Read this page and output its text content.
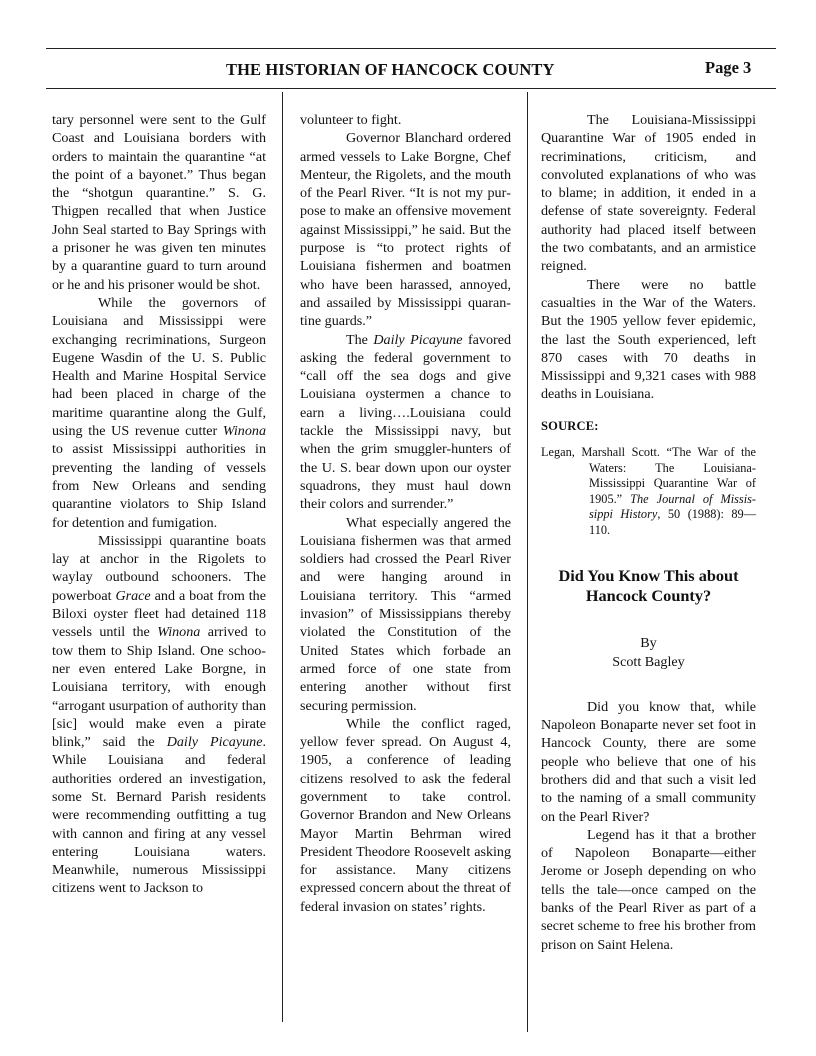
THE HISTORIAN OF HANCOCK COUNTY	Page 3

tary personnel were sent to the Gulf Coast and Louisiana borders with orders to maintain the quarantine “at the point of a bayonet.” Thus began the “shotgun quarantine.” S. G. Thigpen recalled that when Justice John Seal started to Bay Springs with a prisoner he was given ten minutes by a quarantine guard to turn around or he and his prisoner would be shot.

While the governors of Louisiana and Mississippi were exchanging recriminations, Surgeon Eugene Wasdin of the U. S. Public Health and Marine Hospital Service had been placed in charge of the maritime quarantine along the Gulf, using the US revenue cutter Winona to assist Mississippi authorities in preventing the landing of vessels from New Orleans and sending quarantine violators to Ship Island for detention and fumigation.

Mississippi quarantine boats lay at anchor in the Rigolets to waylay outbound schooners. The powerboat Grace and a boat from the Biloxi oyster fleet had detained 118 vessels until the Winona arrived to tow them to Ship Island. One schooner even entered Lake Borgne, in Louisiana territory, with enough “arrogant usurpation of authority than [sic] would make even a pirate blink,” said the Daily Picayune. While Louisiana and federal authorities ordered an investigation, some St. Bernard Parish residents were recommending outfitting a tug with cannon and firing at any vessel entering Louisiana waters. Meanwhile, numerous Mississippi citizens went to Jackson to

volunteer to fight.

Governor Blanchard ordered armed vessels to Lake Borgne, Chef Menteur, the Rigolets, and the mouth of the Pearl River. “It is not my purpose to make an offensive movement against Mississippi,” he said. But the purpose is “to protect rights of Louisiana fishermen and boatmen who have been harassed, annoyed, and assailed by Mississippi quarantine guards.”

The Daily Picayune favored asking the federal government to “call off the sea dogs and give Louisiana oystermen a chance to earn a living….Louisiana could tackle the Mississippi navy, but when the grim smuggler-hunters of the U. S. bear down upon our oyster squadrons, they must haul down their colors and surrender.”

What especially angered the Louisiana fishermen was that armed soldiers had crossed the Pearl River and were hanging around in Louisiana territory. This “armed invasion” of Mississippians thereby violated the Constitution of the United States which forbade an armed force of one state from entering another without first securing permission.

While the conflict raged, yellow fever spread. On August 4, 1905, a conference of leading citizens resolved to ask the federal government to take control. Governor Brandon and New Orleans Mayor Martin Behrman wired President Theodore Roosevelt asking for assistance. Many citizens expressed concern about the threat of federal invasion on states’ rights.

The Louisiana-Mississippi Quarantine War of 1905 ended in recriminations, criticism, and convoluted explanations of who was to blame; in addition, it ended in a defense of state sovereignty. Federal authority had placed itself between the two combatants, and an armistice reigned.

There were no battle casualties in the War of the Waters. But the 1905 yellow fever epidemic, the last the South experienced, left 870 cases with 70 deaths in Mississippi and 9,321 cases with 988 deaths in Louisiana.

SOURCE:

Legan, Marshall Scott. “The War of the Waters: The Louisiana-Mississippi Quarantine War of 1905.” The Journal of Mississippi History, 50 (1988): 89—110.

Did You Know This about Hancock County?

By
Scott Bagley

Did you know that, while Napoleon Bonaparte never set foot in Hancock County, there are some people who believe that one of his brothers did and that such a visit led to the naming of a small community on the Pearl River?

Legend has it that a brother of Napoleon Bonaparte—either Jerome or Joseph depending on who tells the tale—once camped on the banks of the Pearl River as part of a secret scheme to free his brother from prison on Saint Helena.
